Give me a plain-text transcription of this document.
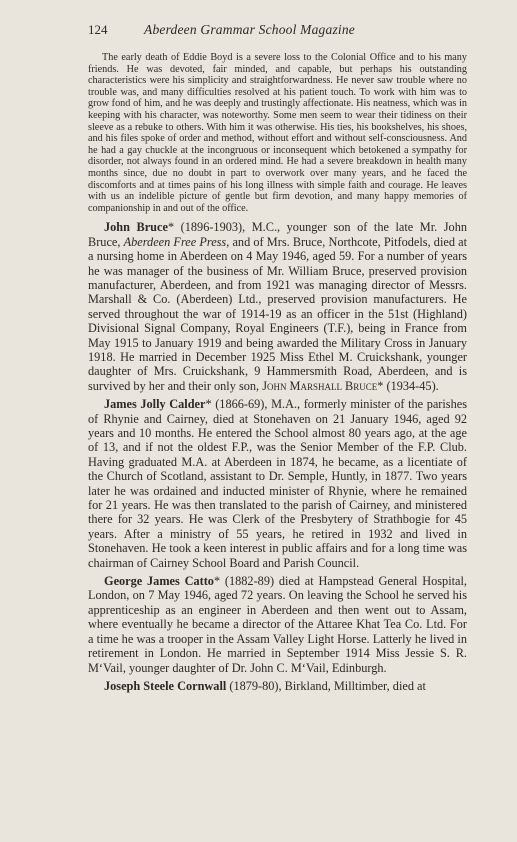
124	Aberdeen Grammar School Magazine

The early death of Eddie Boyd is a severe loss to the Colonial Office and to his many friends. He was devoted, fair minded, and capable, but perhaps his outstanding characteristics were his simplicity and straightforwardness. He never saw trouble where no trouble was, and many difficulties resolved at his patient touch. To work with him was to grow fond of him, and he was deeply and trustingly affectionate. His neatness, which was in keeping with his character, was noteworthy. Some men seem to wear their tidiness on their sleeve as a rebuke to others. With him it was otherwise. His ties, his bookshelves, his shoes, and his files spoke of order and method, without effort and without self-consciousness. And he had a gay chuckle at the incongruous or inconsequent which betokened a sympathy for disorder, not always found in an ordered mind. He had a severe breakdown in health many months since, due no doubt in part to overwork over many years, and he faced the discomforts and at times pains of his long illness with simple faith and courage. He leaves with us an indelible picture of gentle but firm devotion, and many happy memories of companionship in and out of the office.

John Bruce* (1896-1903), M.C., younger son of the late Mr. John Bruce, Aberdeen Free Press, and of Mrs. Bruce, Northcote, Pitfodels, died at a nursing home in Aberdeen on 4 May 1946, aged 59. For a number of years he was manager of the business of Mr. William Bruce, preserved provision manufacturer, Aberdeen, and from 1921 was managing director of Messrs. Marshall & Co. (Aberdeen) Ltd., preserved provision manufacturers. He served throughout the war of 1914-19 as an officer in the 51st (Highland) Divisional Signal Company, Royal Engineers (T.F.), being in France from May 1915 to January 1919 and being awarded the Military Cross in January 1918. He married in December 1925 Miss Ethel M. Cruickshank, younger daughter of Mrs. Cruickshank, 9 Hammersmith Road, Aberdeen, and is survived by her and their only son, John Marshall Bruce* (1934-45).

James Jolly Calder* (1866-69), M.A., formerly minister of the parishes of Rhynie and Cairney, died at Stonehaven on 21 January 1946, aged 92 years and 10 months. He entered the School almost 80 years ago, at the age of 13, and if not the oldest F.P., was the Senior Member of the F.P. Club. Having graduated M.A. at Aberdeen in 1874, he became, as a licentiate of the Church of Scotland, assistant to Dr. Semple, Huntly, in 1877. Two years later he was ordained and inducted minister of Rhynie, where he remained for 21 years. He was then translated to the parish of Cairney, and ministered there for 32 years. He was Clerk of the Presbytery of Strathbogie for 45 years. After a ministry of 55 years, he retired in 1932 and lived in Stonehaven. He took a keen interest in public affairs and for a long time was chairman of Cairney School Board and Parish Council.

George James Catto* (1882-89) died at Hampstead General Hospital, London, on 7 May 1946, aged 72 years. On leaving the School he served his apprenticeship as an engineer in Aberdeen and then went out to Assam, where eventually he became a director of the Attaree Khat Tea Co. Ltd. For a time he was a trooper in the Assam Valley Light Horse. Latterly he lived in retirement in London. He married in September 1914 Miss Jessie S. R. M‘Vail, younger daughter of Dr. John C. M‘Vail, Edinburgh.

Joseph Steele Cornwall (1879-80), Birkland, Milltimber, died at
